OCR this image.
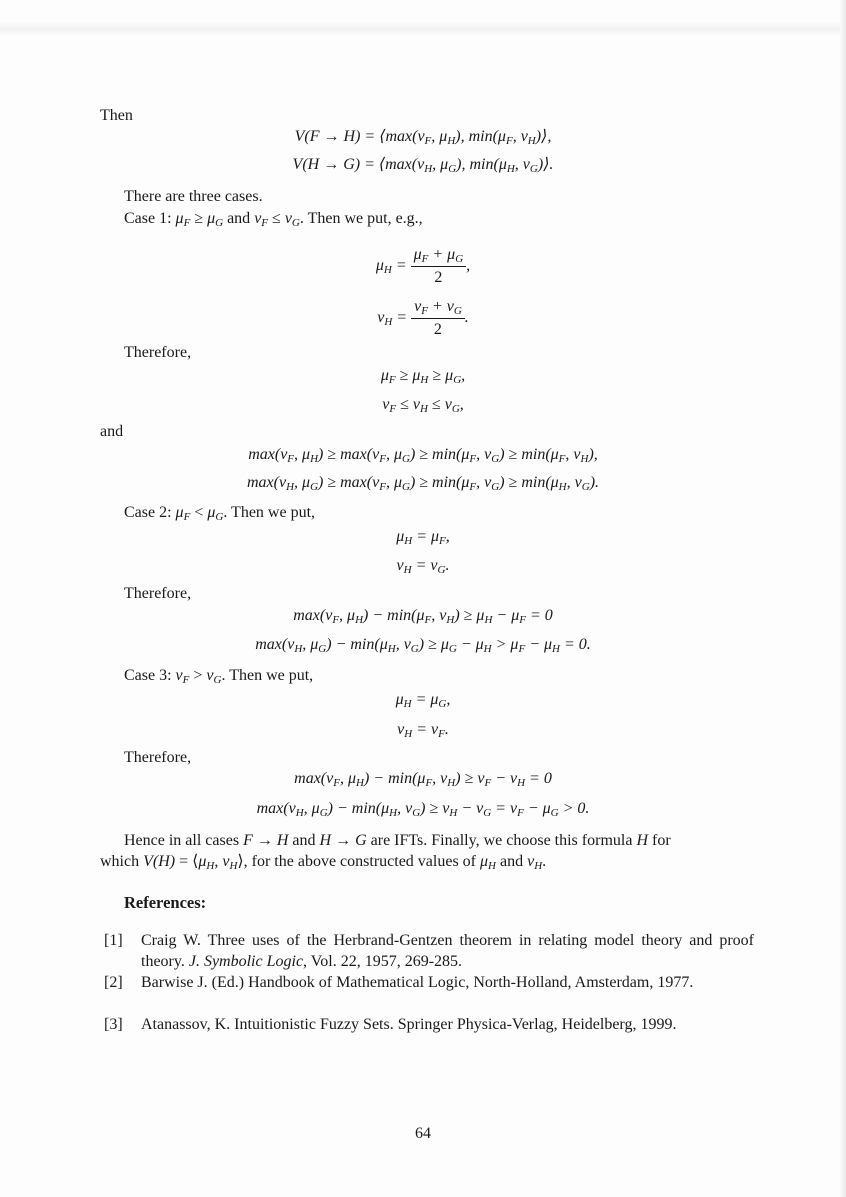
Then
$V(F \to H) = ⟨\max(\nu_F$, $\mu_H$), $\min(\mu_F$, $\nu_H)⟩$,
$V(H \to G) = ⟨\max(\nu_H$, $\mu_G$), $\min(\mu_H$, $\nu_G)⟩$.
There are three cases.
Case 1: $\mu_F \ge \mu_G$ and $\nu_F \le \nu_G$. Then we put, e.g.,
$\mu_H = \frac{\mu_F + \mu_G}{2}$ ,
$\nu_H = \frac{\nu_F + \nu_G}{2}$ .
Therefore,
$\mu_F \ge \mu_H \ge \mu_G$,
$\nu_F \le \nu_H \le \nu_G$,
and
$\max(\nu_F$, $\mu_H) \ge \max(\nu_F$, $\mu_G) \ge \min(\mu_F$, $\nu_G) \ge \min(\mu_F$, $\nu_H$),
$\max(\nu_H$, $\mu_G) \ge \max(\nu_F$, $\mu_G) \ge \min(\mu_F$, $\nu_G) \ge \min(\mu_H$, $\nu_G$).
Case 2: $\mu_F < \mu_G$. Then we put,
$\mu_H = \mu_F$,
$\nu_H = \nu_G$.
Therefore,
$\max(\nu_F$, $\mu_H) - \min(\mu_F$, $\nu_H) \ge \mu_H - \mu_F = 0$
$\max(\nu_H$, $\mu_G) - \min(\mu_H$, $\nu_G) \ge \mu_G - \mu_H > \mu_F - \mu_H = 0$.
Case 3: $\nu_F > \nu_G$. Then we put,
$\mu_H = \mu_G$,
$\nu_H = \nu_F$.
Therefore,
$\max(\nu_F$, $\mu_H) - \min(\mu_F$, $\nu_H) \ge \nu_F - \nu_H = 0$
$\max(\nu_H$, $\mu_G) - \min(\mu_H$, $\nu_G) \ge \nu_H - \nu_G = \nu_F - \mu_G > 0$.
Hence in all cases F → H and H → G are IFTs. Finally, we choose this formula H for
which $V(H) = ⟨\mu_H$, $\nu_H⟩$, for the above constructed values of $\mu_H$ and $\nu_H$.
References:
[1] Craig W. Three uses of the Herbrand-Gentzen theorem in relating model theory and proof theory. J. Symbolic Logic, Vol. 22, 1957, 269-285.
[2] Barwise J. (Ed.) Handbook of Mathematical Logic, North-Holland, Amsterdam, 1977.
[3] Atanassov, K. Intuitionistic Fuzzy Sets. Springer Physica-Verlag, Heidelberg, 1999.
64
